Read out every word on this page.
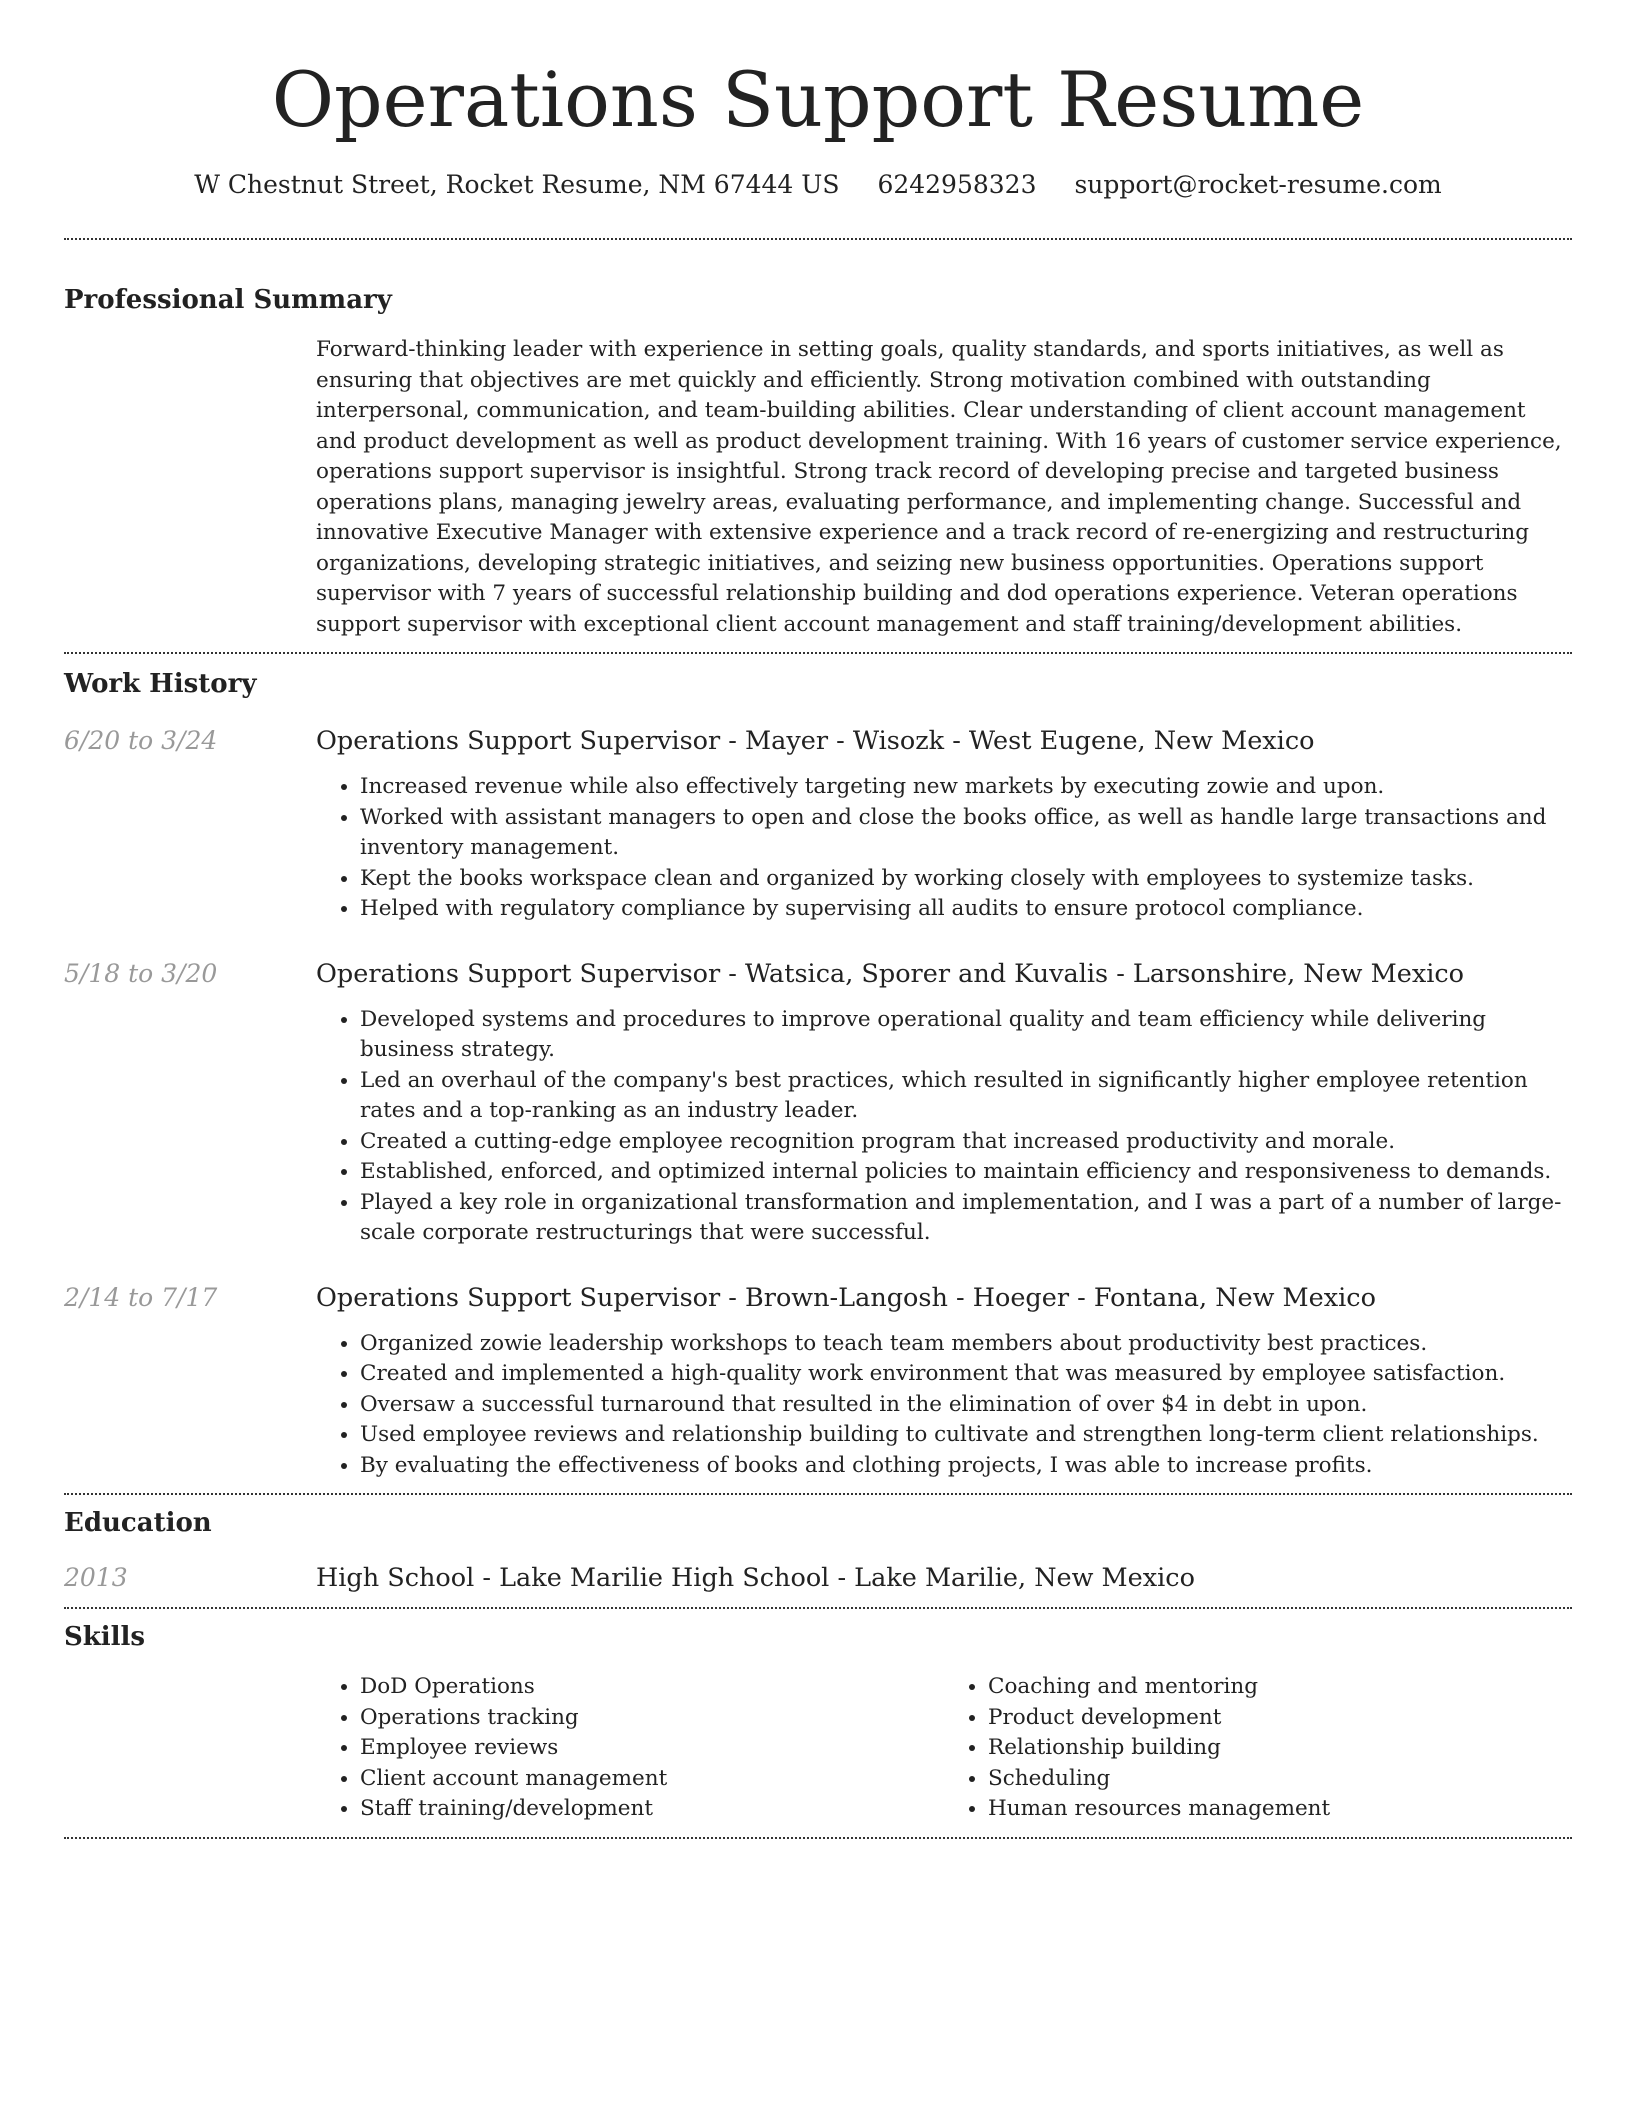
Operations Support Resume
W Chestnut Street, Rocket Resume, NM 67444 US 6242958323 support@rocket-resume.com
Professional Summary
Forward-thinking leader with experience in setting goals, quality standards, and sports initiatives, as well as ensuring that objectives are met quickly and efficiently. Strong motivation combined with outstanding interpersonal, communication, and team-building abilities. Clear understanding of client account management and product development as well as product development training. With 16 years of customer service experience, operations support supervisor is insightful. Strong track record of developing precise and targeted business operations plans, managing jewelry areas, evaluating performance, and implementing change. Successful and innovative Executive Manager with extensive experience and a track record of re-energizing and restructuring organizations, developing strategic initiatives, and seizing new business opportunities. Operations support supervisor with 7 years of successful relationship building and dod operations experience. Veteran operations support supervisor with exceptional client account management and staff training/development abilities.
Work History
6/20 to 3/24	Operations Support Supervisor - Mayer - Wisozk - West Eugene, New Mexico
• Increased revenue while also effectively targeting new markets by executing zowie and upon.
• Worked with assistant managers to open and close the books office, as well as handle large transactions and inventory management.
• Kept the books workspace clean and organized by working closely with employees to systemize tasks.
• Helped with regulatory compliance by supervising all audits to ensure protocol compliance.
5/18 to 3/20	Operations Support Supervisor - Watsica, Sporer and Kuvalis - Larsonshire, New Mexico
• Developed systems and procedures to improve operational quality and team efficiency while delivering business strategy.
• Led an overhaul of the company's best practices, which resulted in significantly higher employee retention rates and a top-ranking as an industry leader.
• Created a cutting-edge employee recognition program that increased productivity and morale.
• Established, enforced, and optimized internal policies to maintain efficiency and responsiveness to demands.
• Played a key role in organizational transformation and implementation, and I was a part of a number of large-scale corporate restructurings that were successful.
2/14 to 7/17	Operations Support Supervisor - Brown-Langosh - Hoeger - Fontana, New Mexico
• Organized zowie leadership workshops to teach team members about productivity best practices.
• Created and implemented a high-quality work environment that was measured by employee satisfaction.
• Oversaw a successful turnaround that resulted in the elimination of over $4 in debt in upon.
• Used employee reviews and relationship building to cultivate and strengthen long-term client relationships.
• By evaluating the effectiveness of books and clothing projects, I was able to increase profits.
Education
2013	High School - Lake Marilie High School - Lake Marilie, New Mexico
Skills
• DoD Operations
• Operations tracking
• Employee reviews
• Client account management
• Staff training/development
• Coaching and mentoring
• Product development
• Relationship building
• Scheduling
• Human resources management
